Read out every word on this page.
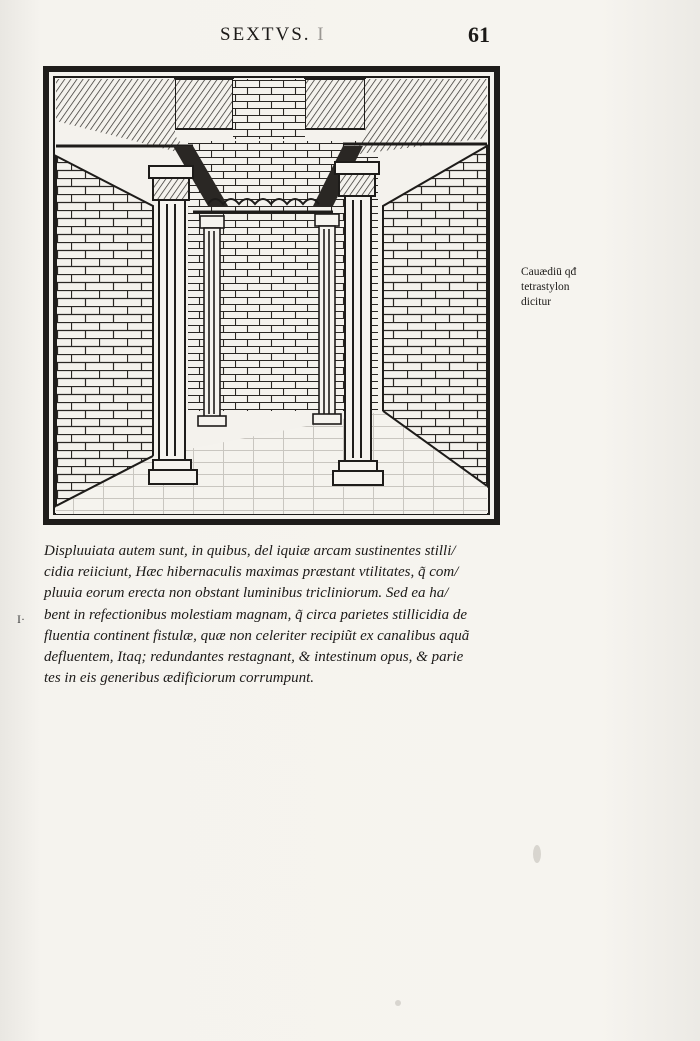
SEXTVS. I	61
Cauædiū qđ
tetrastylon
dicitur
I·
Displuuiata autem sunt, in quibus, del iquiæ arcam sustinentes stilli/
cidia reiiciunt, Hæc hibernaculis maximas præstant vtilitates, q̃ com/
pluuia eorum erecta non obstant luminibus tricliniorum. Sed ea ha/
bent in refectionibus molestiam magnam, q̃ circa parietes stillicidia de
fluentia continent fistulæ, quæ non celeriter recipiũt ex canalibus aquã
defluentem, Itaq; redundantes restagnant, & intestinum opus, & parie
tes in eis generibus ædificiorum corrumpunt.
